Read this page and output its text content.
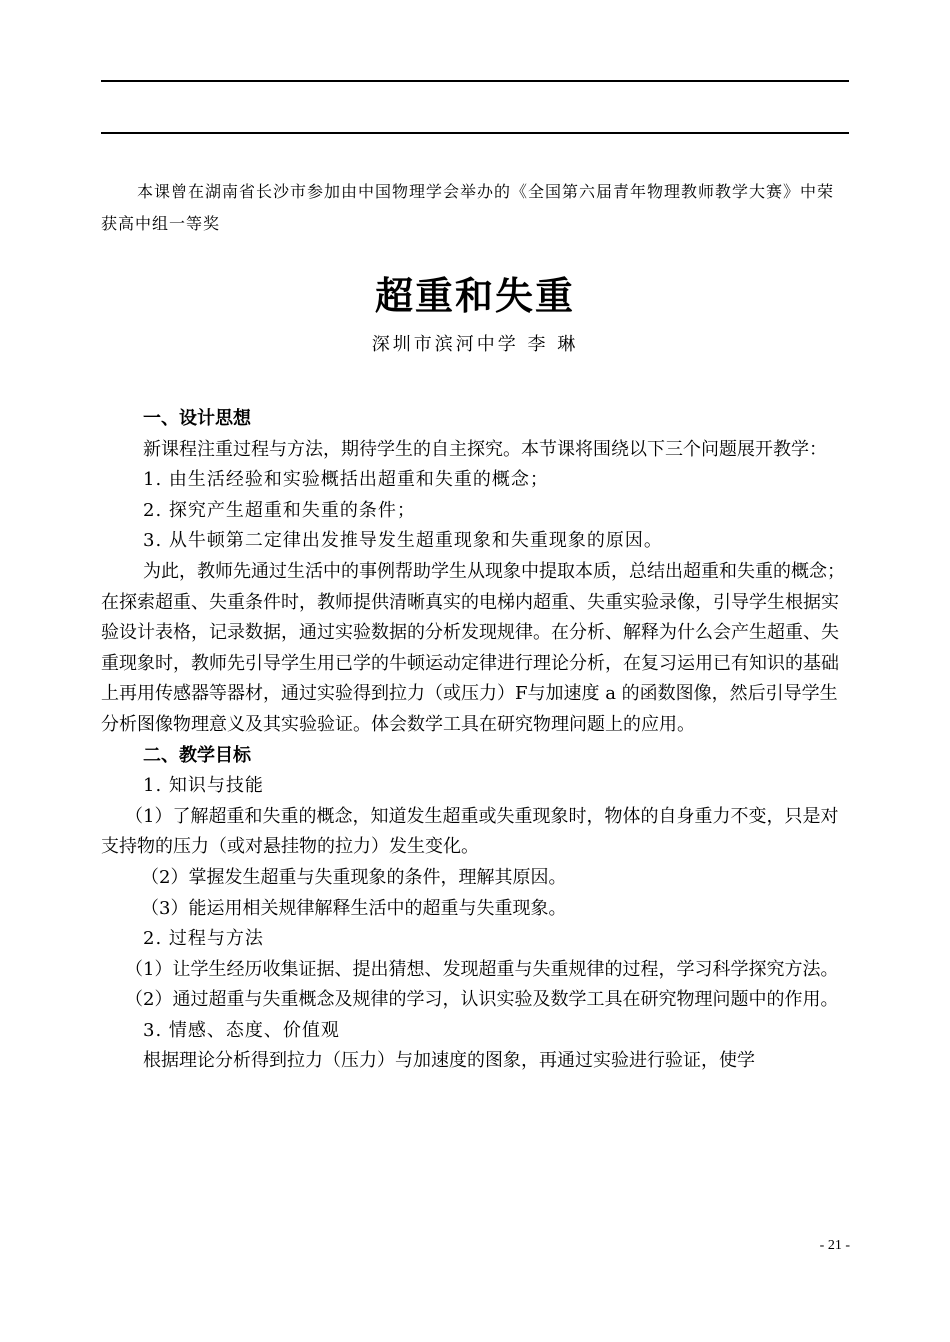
本课曾在湖南省长沙市参加由中国物理学会举办的《全国第六届青年物理教师教学大赛》中荣获高中组一等奖
超重和失重
深圳市滨河中学 李 琳

一、设计思想

新课程注重过程与方法，期待学生的自主探究。本节课将围绕以下三个问题展开教学：

1. 由生活经验和实验概括出超重和失重的概念；

2. 探究产生超重和失重的条件；

3. 从牛顿第二定律出发推导发生超重现象和失重现象的原因。

为此，教师先通过生活中的事例帮助学生从现象中提取本质，总结出超重和失重的概念；在探索超重、失重条件时，教师提供清晰真实的电梯内超重、失重实验录像，引导学生根据实验设计表格，记录数据，通过实验数据的分析发现规律。在分析、解释为什么会产生超重、失重现象时，教师先引导学生用已学的牛顿运动定律进行理论分析，在复习运用已有知识的基础上再用传感器等器材，通过实验得到拉力（或压力）F与加速度 a 的函数图像，然后引导学生分析图像物理意义及其实验验证。体会数学工具在研究物理问题上的应用。

二、教学目标

1. 知识与技能

（1）了解超重和失重的概念，知道发生超重或失重现象时，物体的自身重力不变，只是对支持物的压力（或对悬挂物的拉力）发生变化。

（2）掌握发生超重与失重现象的条件，理解其原因。

（3）能运用相关规律解释生活中的超重与失重现象。

2. 过程与方法

（1）让学生经历收集证据、提出猜想、发现超重与失重规律的过程，学习科学探究方法。

（2）通过超重与失重概念及规律的学习，认识实验及数学工具在研究物理问题中的作用。

3. 情感、态度、价值观

根据理论分析得到拉力（压力）与加速度的图象，再通过实验进行验证，使学

- 21 -
